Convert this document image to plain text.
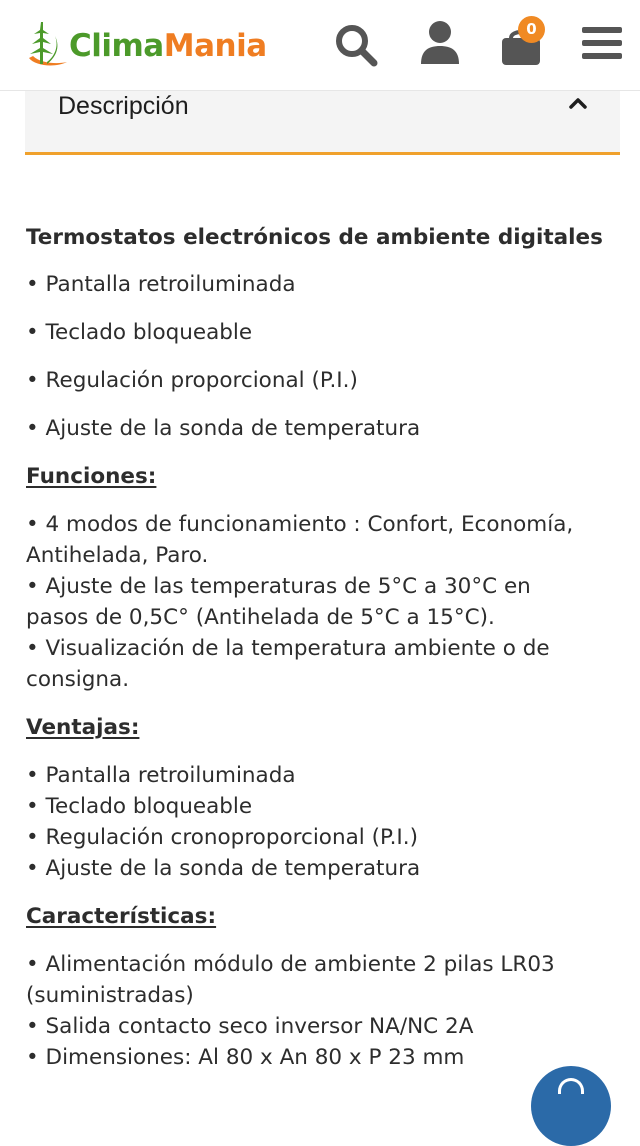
ClimaMania	0
Descripción

Termostatos electrónicos de ambiente digitales

• Pantalla retroiluminada

• Teclado bloqueable

• Regulación proporcional (P.I.)

• Ajuste de la sonda de temperatura

Funciones:

• 4 modos de funcionamiento : Confort, Economía,

Antihelada, Paro.

• Ajuste de las temperaturas de 5°C a 30°C en

pasos de 0,5C° (Antihelada de 5°C a 15°C).

• Visualización de la temperatura ambiente o de

consigna.

Ventajas:

• Pantalla retroiluminada

• Teclado bloqueable

• Regulación cronoproporcional (P.I.)

• Ajuste de la sonda de temperatura

Características:

• Alimentación módulo de ambiente 2 pilas LR03

(suministradas)

• Salida contacto seco inversor NA/NC 2A

• Dimensiones: Al 80 x An 80 x P 23 mm
